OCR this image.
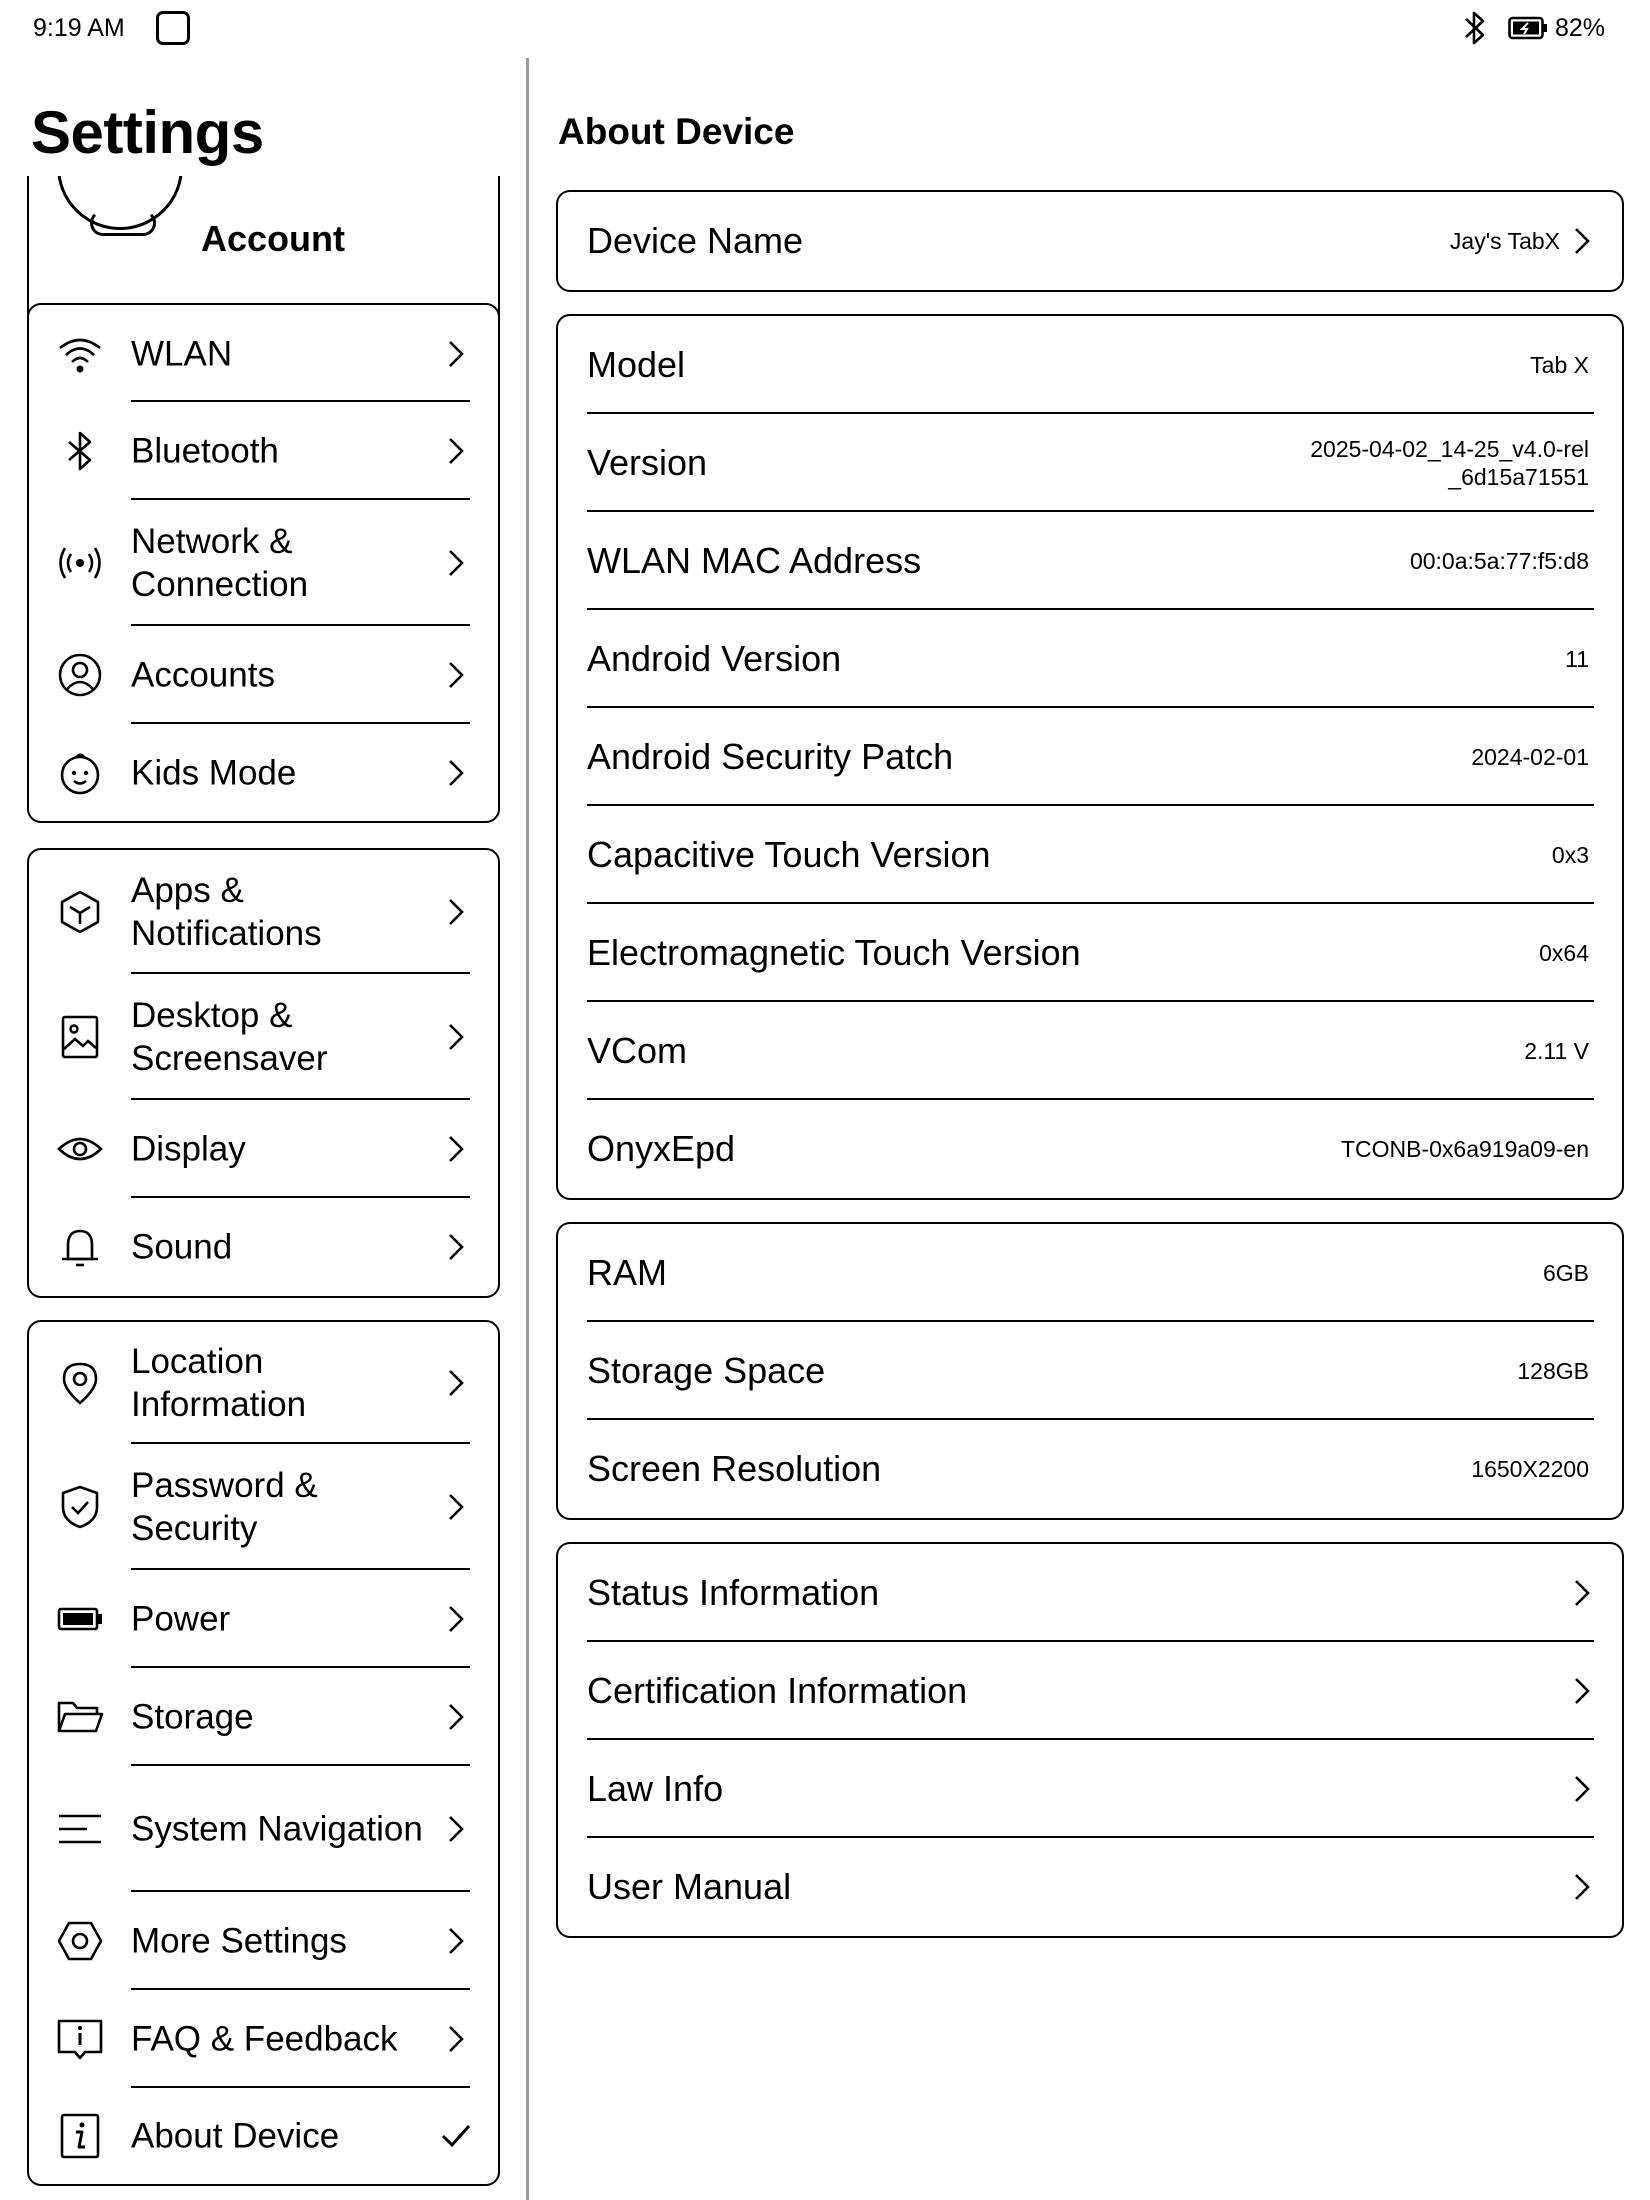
9:19 AM	82%
Account
Settings
WLAN
Bluetooth
Network & Connection
Accounts
Kids Mode
Apps & Notifications
Desktop & Screensaver
Display
Sound
Location Information
Password & Security
Power
Storage
System Navigation
More Settings
FAQ & Feedback
About Device
About Device
Device Name	Jay's TabX
Model	Tab X
Version	2025-04-02_14-25_v4.0-rel_6d15a71551
WLAN MAC Address	00:0a:5a:77:f5:d8
Android Version	11
Android Security Patch	2024-02-01
Capacitive Touch Version	0x3
Electromagnetic Touch Version	0x64
VCom	2.11 V
OnyxEpd	TCONB-0x6a919a09-en
RAM	6GB
Storage Space	128GB
Screen Resolution	1650X2200
Status Information
Certification Information
Law Info
User Manual
